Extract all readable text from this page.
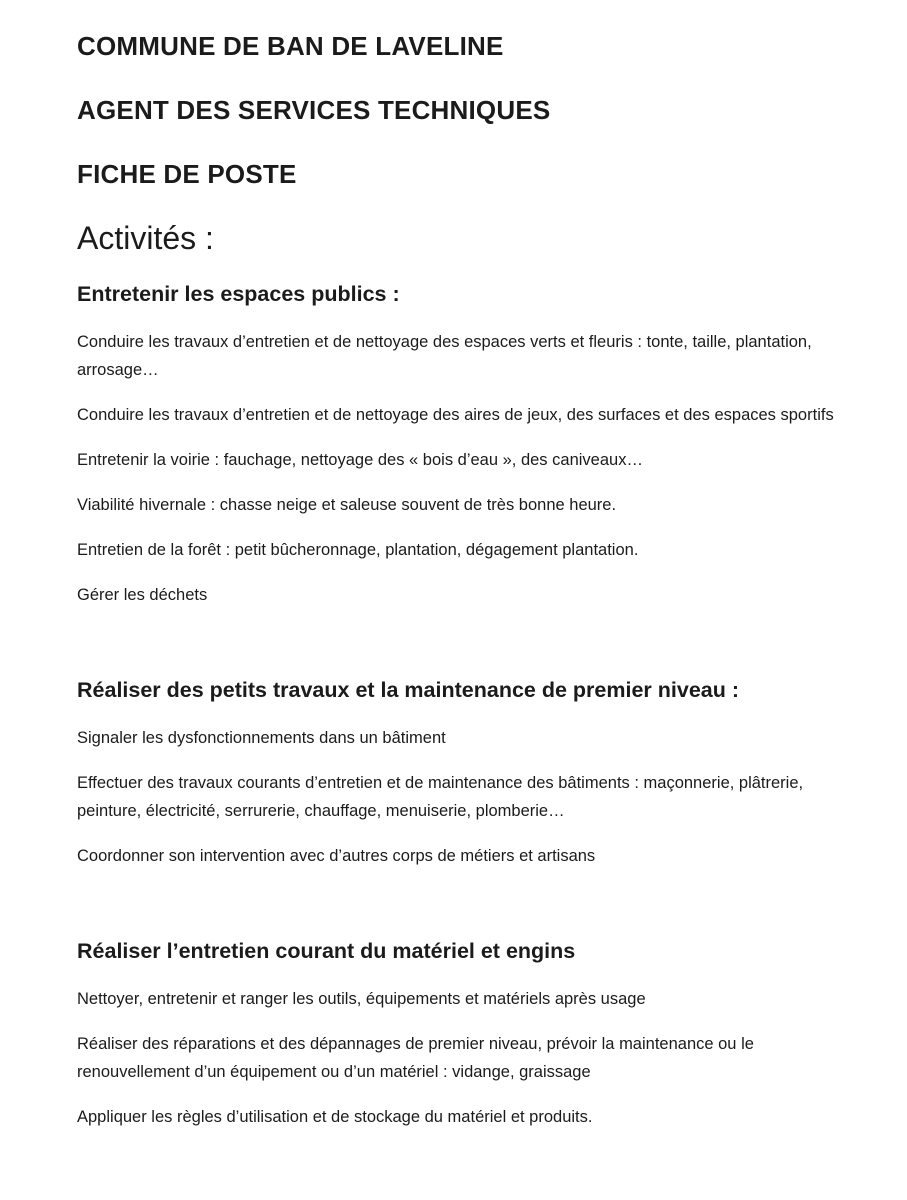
COMMUNE DE BAN DE LAVELINE
AGENT DES SERVICES TECHNIQUES
FICHE DE POSTE
Activités :
Entretenir les espaces publics :

Conduire les travaux d’entretien et de nettoyage des espaces verts et fleuris : tonte, taille, plantation, arrosage…

Conduire les travaux d’entretien et de nettoyage des aires de jeux, des surfaces et des espaces sportifs

Entretenir la voirie : fauchage, nettoyage des « bois d’eau », des caniveaux…

Viabilité hivernale : chasse neige et saleuse souvent de très bonne heure.

Entretien de la forêt : petit bûcheronnage, plantation, dégagement plantation.

Gérer les déchets

Réaliser des petits travaux et la maintenance de premier niveau :

Signaler les dysfonctionnements dans un bâtiment

Effectuer des travaux courants d’entretien et de maintenance des bâtiments : maçonnerie, plâtrerie, peinture, électricité, serrurerie, chauffage, menuiserie, plomberie…

Coordonner son intervention avec d’autres corps de métiers et artisans

Réaliser l’entretien courant du matériel et engins

Nettoyer, entretenir et ranger les outils, équipements et matériels après usage

Réaliser des réparations et des dépannages de premier niveau, prévoir la maintenance ou le renouvellement d’un équipement ou d’un matériel : vidange, graissage

Appliquer les règles d’utilisation et de stockage du matériel et produits.
